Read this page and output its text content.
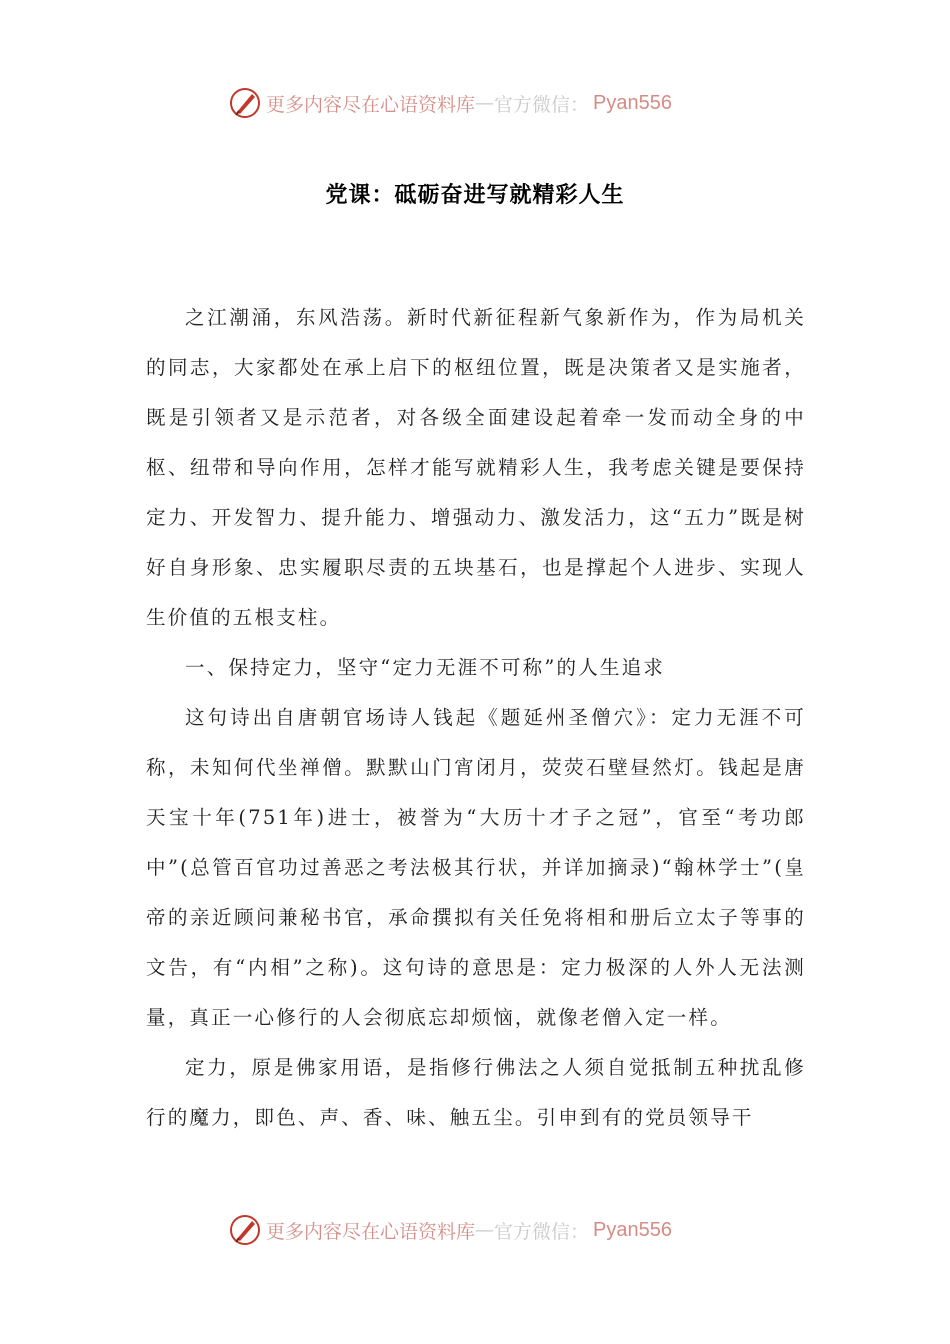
更多内容尽在心语资料库 — 官方微信： Pyan556
党课：砥砺奋进写就精彩人生

之江潮涌，东风浩荡。新时代新征程新气象新作为，作为局机关的同志，大家都处在承上启下的枢纽位置，既是决策者又是实施者，既是引领者又是示范者，对各级全面建设起着牵一发而动全身的中枢、纽带和导向作用，怎样才能写就精彩人生，我考虑关键是要保持定力、开发智力、提升能力、增强动力、激发活力，这“五力”既是树好自身形象、忠实履职尽责的五块基石，也是撑起个人进步、实现人生价值的五根支柱。

一、保持定力，坚守“定力无涯不可称”的人生追求

这句诗出自唐朝官场诗人钱起《题延州圣僧穴》：定力无涯不可称，未知何代坐禅僧。默默山门宵闭月，荧荧石壁昼然灯。钱起是唐天宝十年(751年)进士，被誉为“大历十才子之冠”，官至“考功郎中”(总管百官功过善恶之考法极其行状，并详加摘录)“翰林学士”(皇帝的亲近顾问兼秘书官，承命撰拟有关任免将相和册后立太子等事的文告，有“内相”之称)。这句诗的意思是：定力极深的人外人无法测量，真正一心修行的人会彻底忘却烦恼，就像老僧入定一样。

定力，原是佛家用语，是指修行佛法之人须自觉抵制五种扰乱修行的魔力，即色、声、香、味、触五尘。引申到有的党员领导干

更多内容尽在心语资料库 — 官方微信： Pyan556
